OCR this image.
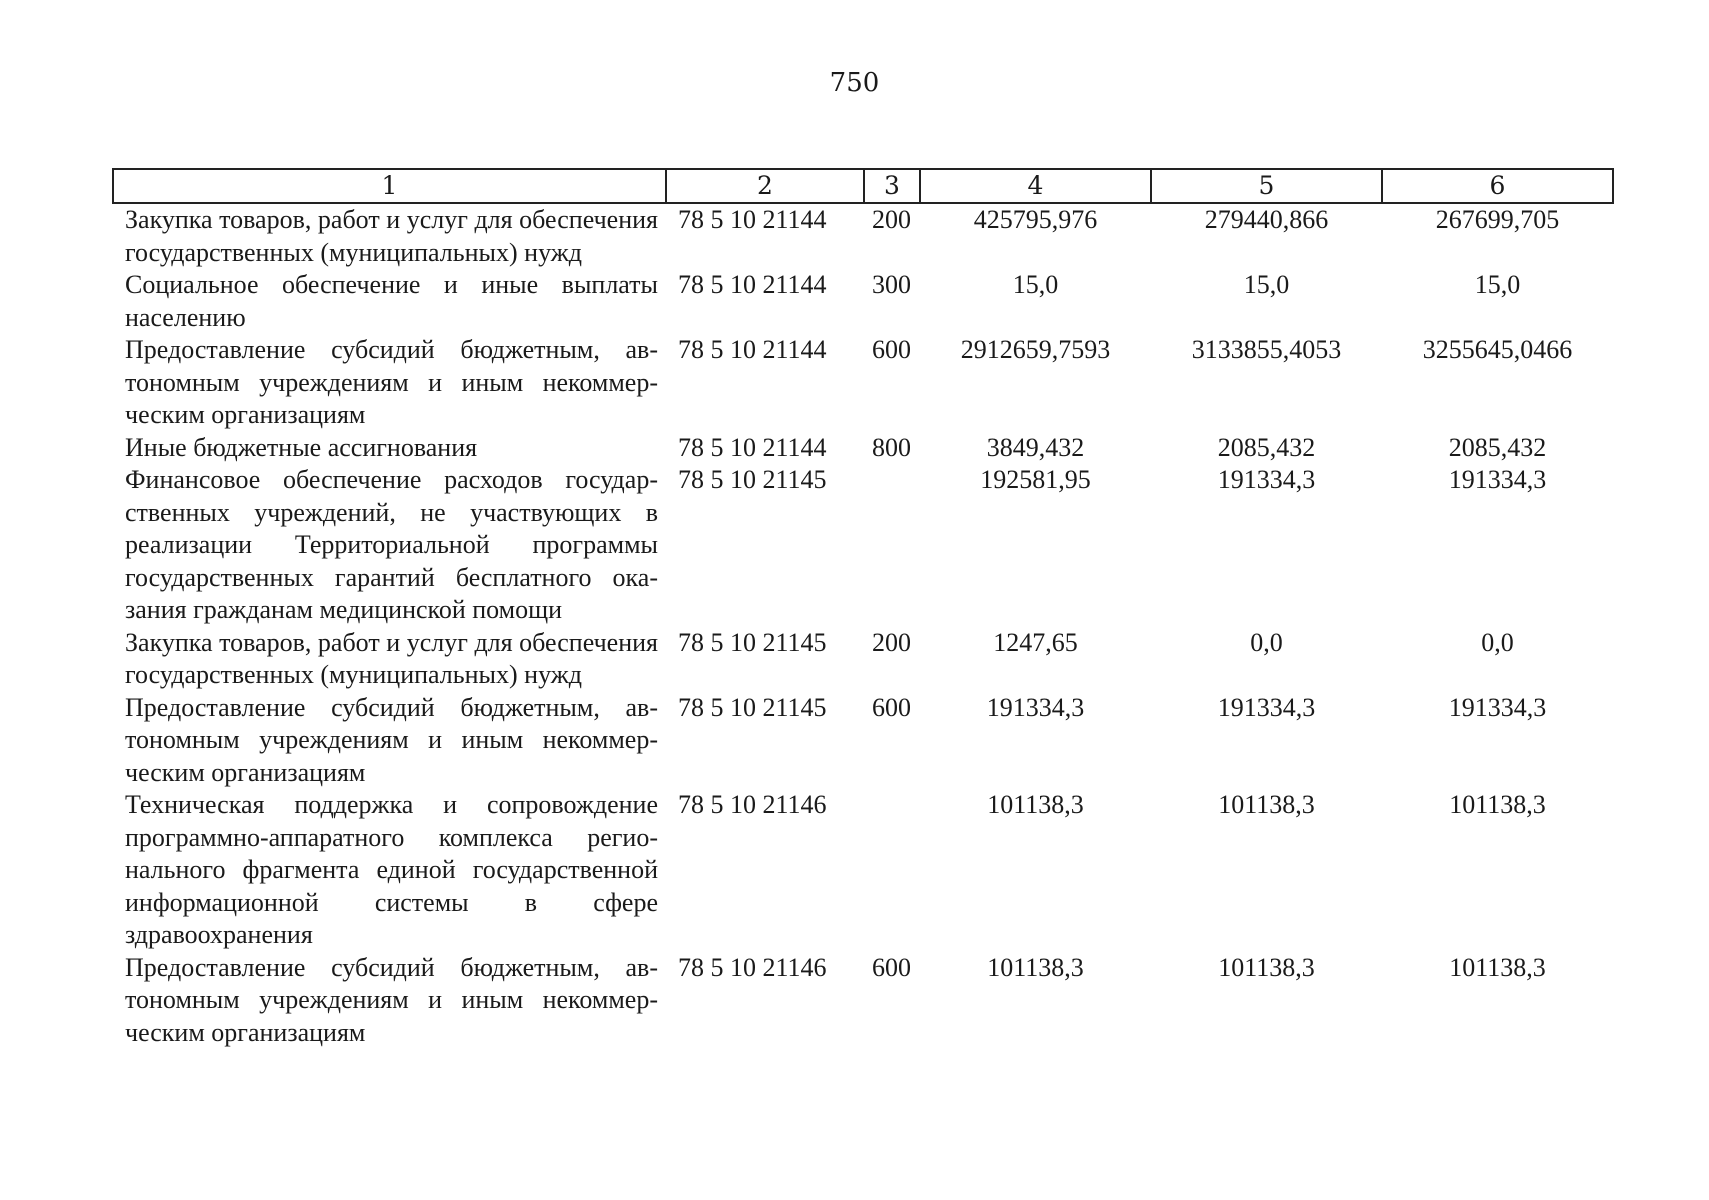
750
1	2	3	4	5	6
Закупка товаров, работ и услуг для обеспечения государственных (муниципальных) нужд	78 5 10 21144	200	425795,976	279440,866	267699,705
Социальное обеспечение и иные выплаты населению	78 5 10 21144	300	15,0	15,0	15,0
Предоставление субсидий бюджетным, автономным учреждениям и иным некоммерческим организациям	78 5 10 21144	600	2912659,7593	3133855,4053	3255645,0466
Иные бюджетные ассигнования	78 5 10 21144	800	3849,432	2085,432	2085,432
Финансовое обеспечение расходов государственных учреждений, не участвующих в реализации Территориальной программы государственных гарантий бесплатного оказания гражданам медицинской помощи	78 5 10 21145		192581,95	191334,3	191334,3
Закупка товаров, работ и услуг для обеспечения государственных (муниципальных) нужд	78 5 10 21145	200	1247,65	0,0	0,0
Предоставление субсидий бюджетным, автономным учреждениям и иным некоммерческим организациям	78 5 10 21145	600	191334,3	191334,3	191334,3
Техническая поддержка и сопровождение программно-аппаратного комплекса регионального фрагмента единой государственной информационной системы в сфере здравоохранения	78 5 10 21146		101138,3	101138,3	101138,3
Предоставление субсидий бюджетным, автономным учреждениям и иным некоммерческим организациям	78 5 10 21146	600	101138,3	101138,3	101138,3
